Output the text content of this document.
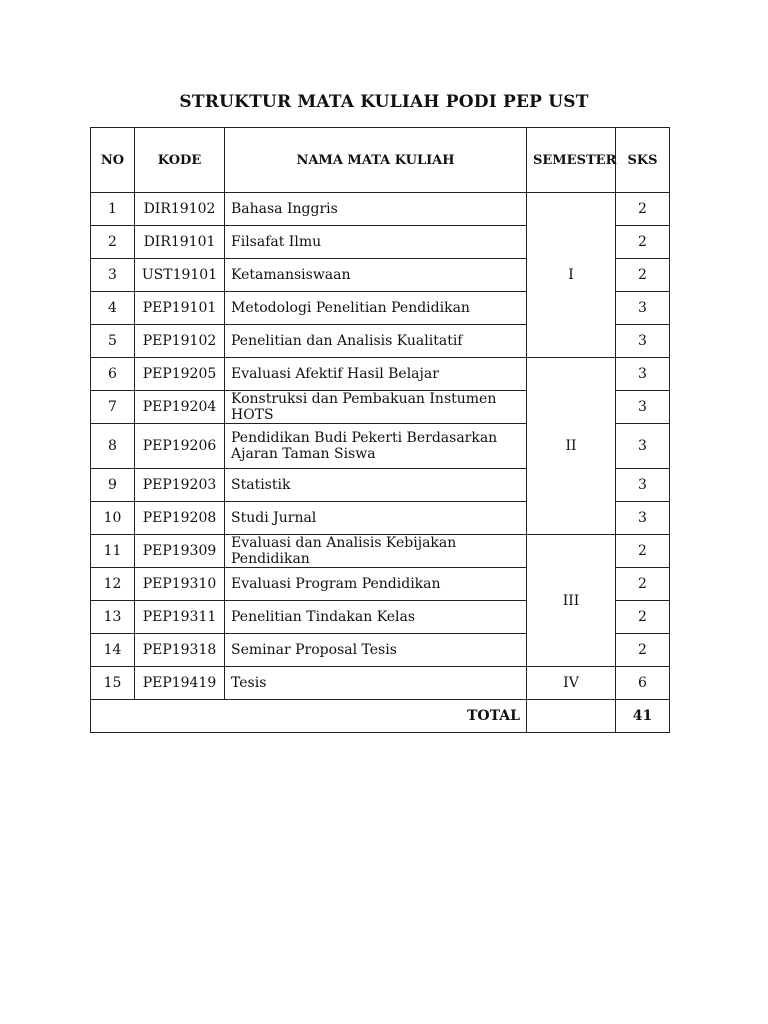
STRUKTUR MATA KULIAH PODI PEP UST
NO	KODE	NAMA MATA KULIAH	SEMESTER	SKS
1	DIR19102	Bahasa Inggris	I	2
2	DIR19101	Filsafat Ilmu		2
3	UST19101	Ketamansiswaan		2
4	PEP19101	Metodologi Penelitian Pendidikan		3
5	PEP19102	Penelitian dan Analisis Kualitatif		3
6	PEP19205	Evaluasi Afektif Hasil Belajar	II	3
7	PEP19204	Konstruksi dan Pembakuan Instumen HOTS		3
8	PEP19206	Pendidikan Budi Pekerti Berdasarkan Ajaran Taman Siswa		3
9	PEP19203	Statistik		3
10	PEP19208	Studi Jurnal		3
11	PEP19309	Evaluasi dan Analisis Kebijakan Pendidikan	III	2
12	PEP19310	Evaluasi Program Pendidikan		2
13	PEP19311	Penelitian Tindakan Kelas		2
14	PEP19318	Seminar Proposal Tesis		2
15	PEP19419	Tesis	IV	6
TOTAL				41
